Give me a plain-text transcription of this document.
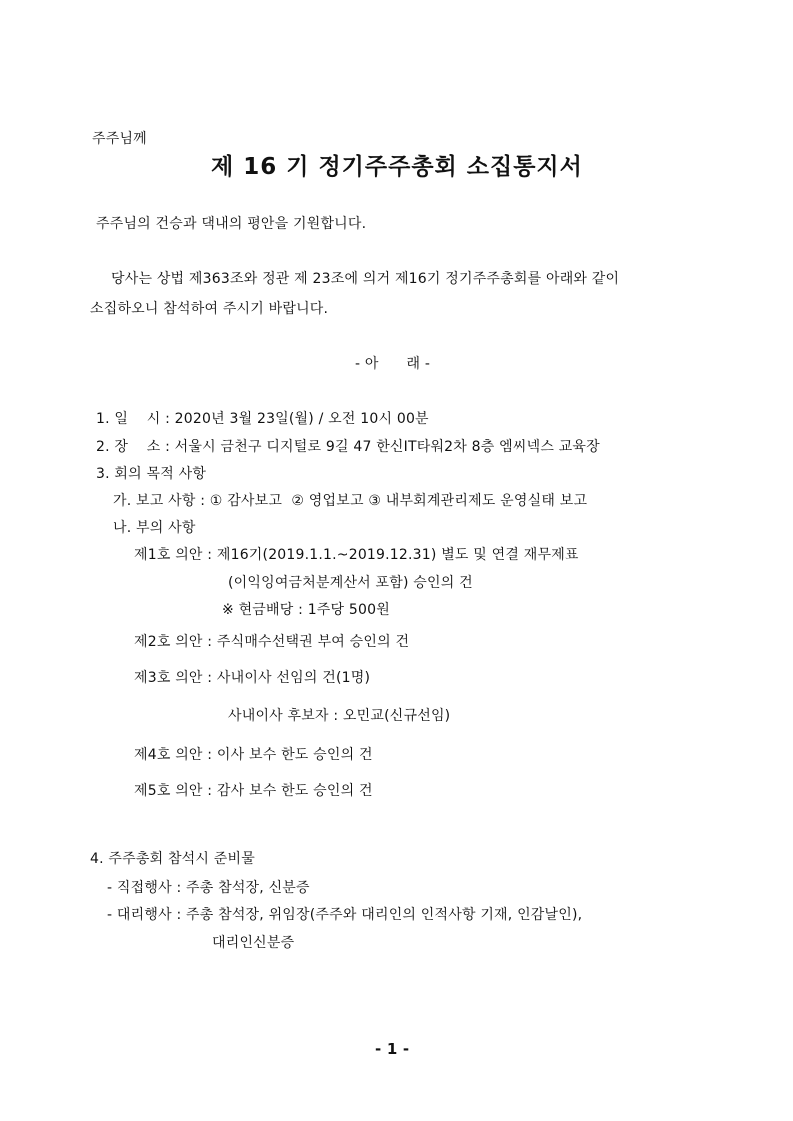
주주님께
제 16 기 정기주주총회 소집통지서
주주님의 건승과 댁내의 평안을 기원합니다.
당사는 상법 제363조와 정관 제 23조에 의거 제16기 정기주주총회를 아래와 같이
소집하오니 참석하여 주시기 바랍니다.
- 아      래 -
1. 일    시 : 2020년 3월 23일(월) / 오전 10시 00분
2. 장    소 : 서울시 금천구 디지털로 9길 47 한신IT타워2차 8층 엠씨넥스 교육장
3. 회의 목적 사항
가. 보고 사항 : ① 감사보고  ② 영업보고 ③ 내부회계관리제도 운영실태 보고
나. 부의 사항
제1호 의안 : 제16기(2019.1.1.~2019.12.31) 별도 및 연결 재무제표
(이익잉여금처분계산서 포함) 승인의 건
※ 현금배당 : 1주당 500원
제2호 의안 : 주식매수선택권 부여 승인의 건
제3호 의안 : 사내이사 선임의 건(1명)
사내이사 후보자 : 오민교(신규선임)
제4호 의안 : 이사 보수 한도 승인의 건
제5호 의안 : 감사 보수 한도 승인의 건
4. 주주총회 참석시 준비물
- 직접행사 : 주총 참석장, 신분증
- 대리행사 : 주총 참석장, 위임장(주주와 대리인의 인적사항 기재, 인감날인),
대리인신분증
- 1 -
